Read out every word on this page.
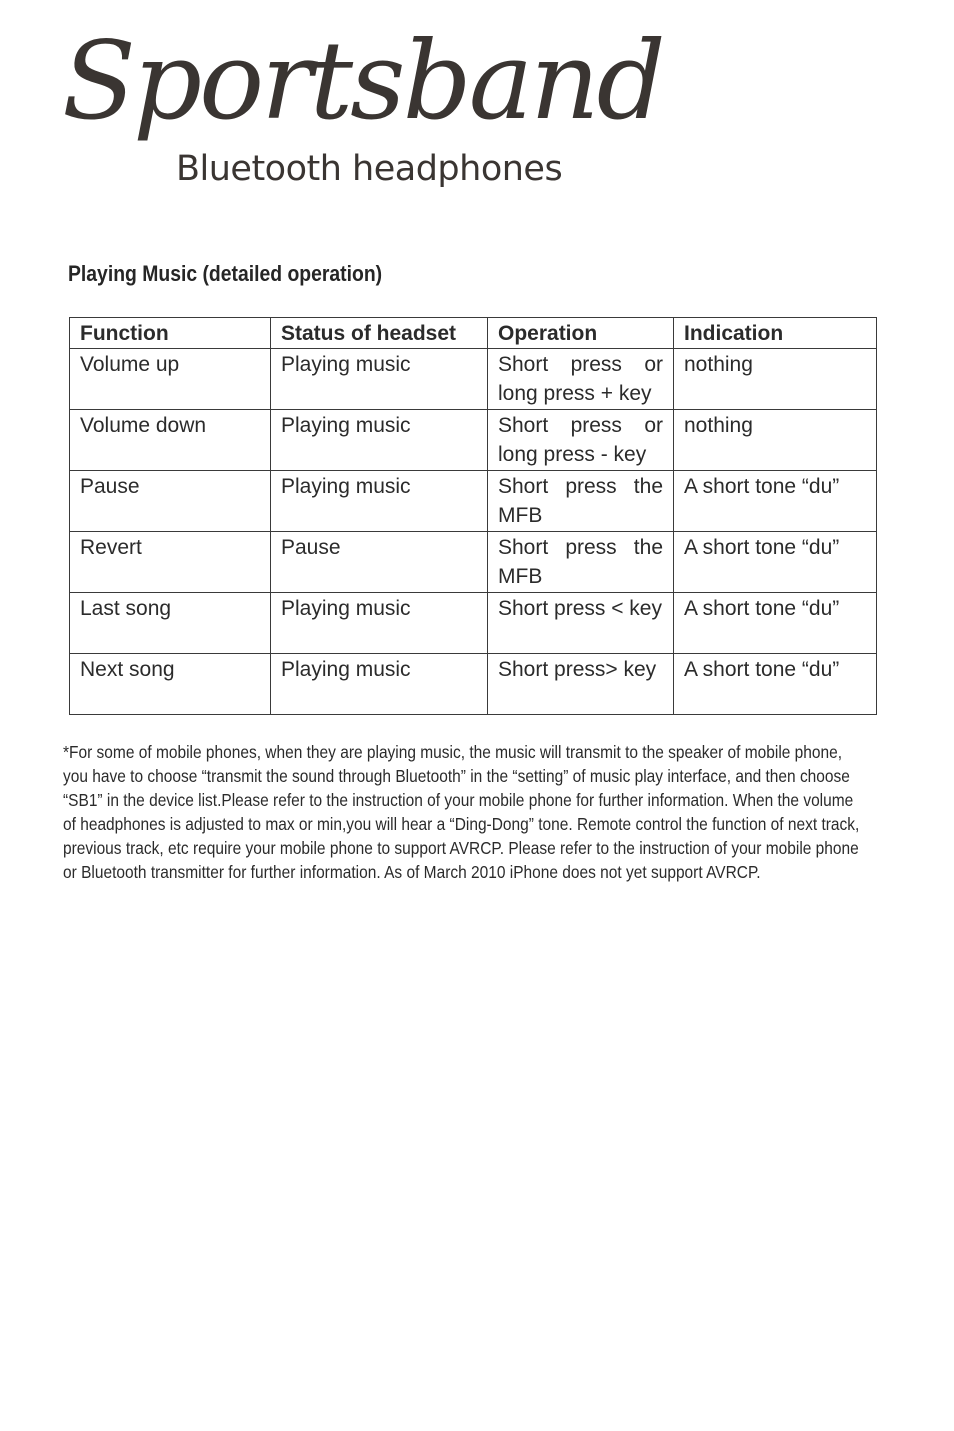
Sportsband
Bluetooth headphones
Playing Music (detailed operation)
Function	Status of headset	Operation	Indication
Volume up	Playing music	Short press or long press + key	nothing
Volume down	Playing music	Short press or long press - key	nothing
Pause	Playing music	Short press the MFB	A short tone “du”
Revert	Pause	Short press the MFB	A short tone “du”
Last song	Playing music	Short press < key	A short tone “du”
Next song	Playing music	Short press> key	A short tone “du”

*For some of mobile phones, when they are playing music, the music will transmit to the speaker of mobile phone,
you have to choose “transmit the sound through Bluetooth” in the “setting” of music play interface, and then choose
“SB1” in the device list.Please refer to the instruction of your mobile phone for further information. When the volume
of headphones is adjusted to max or min,you will hear a “Ding-Dong” tone. Remote control the function of next track,
previous track, etc require your mobile phone to support AVRCP. Please refer to the instruction of your mobile phone
or Bluetooth transmitter for further information. As of March 2010 iPhone does not yet support AVRCP.
